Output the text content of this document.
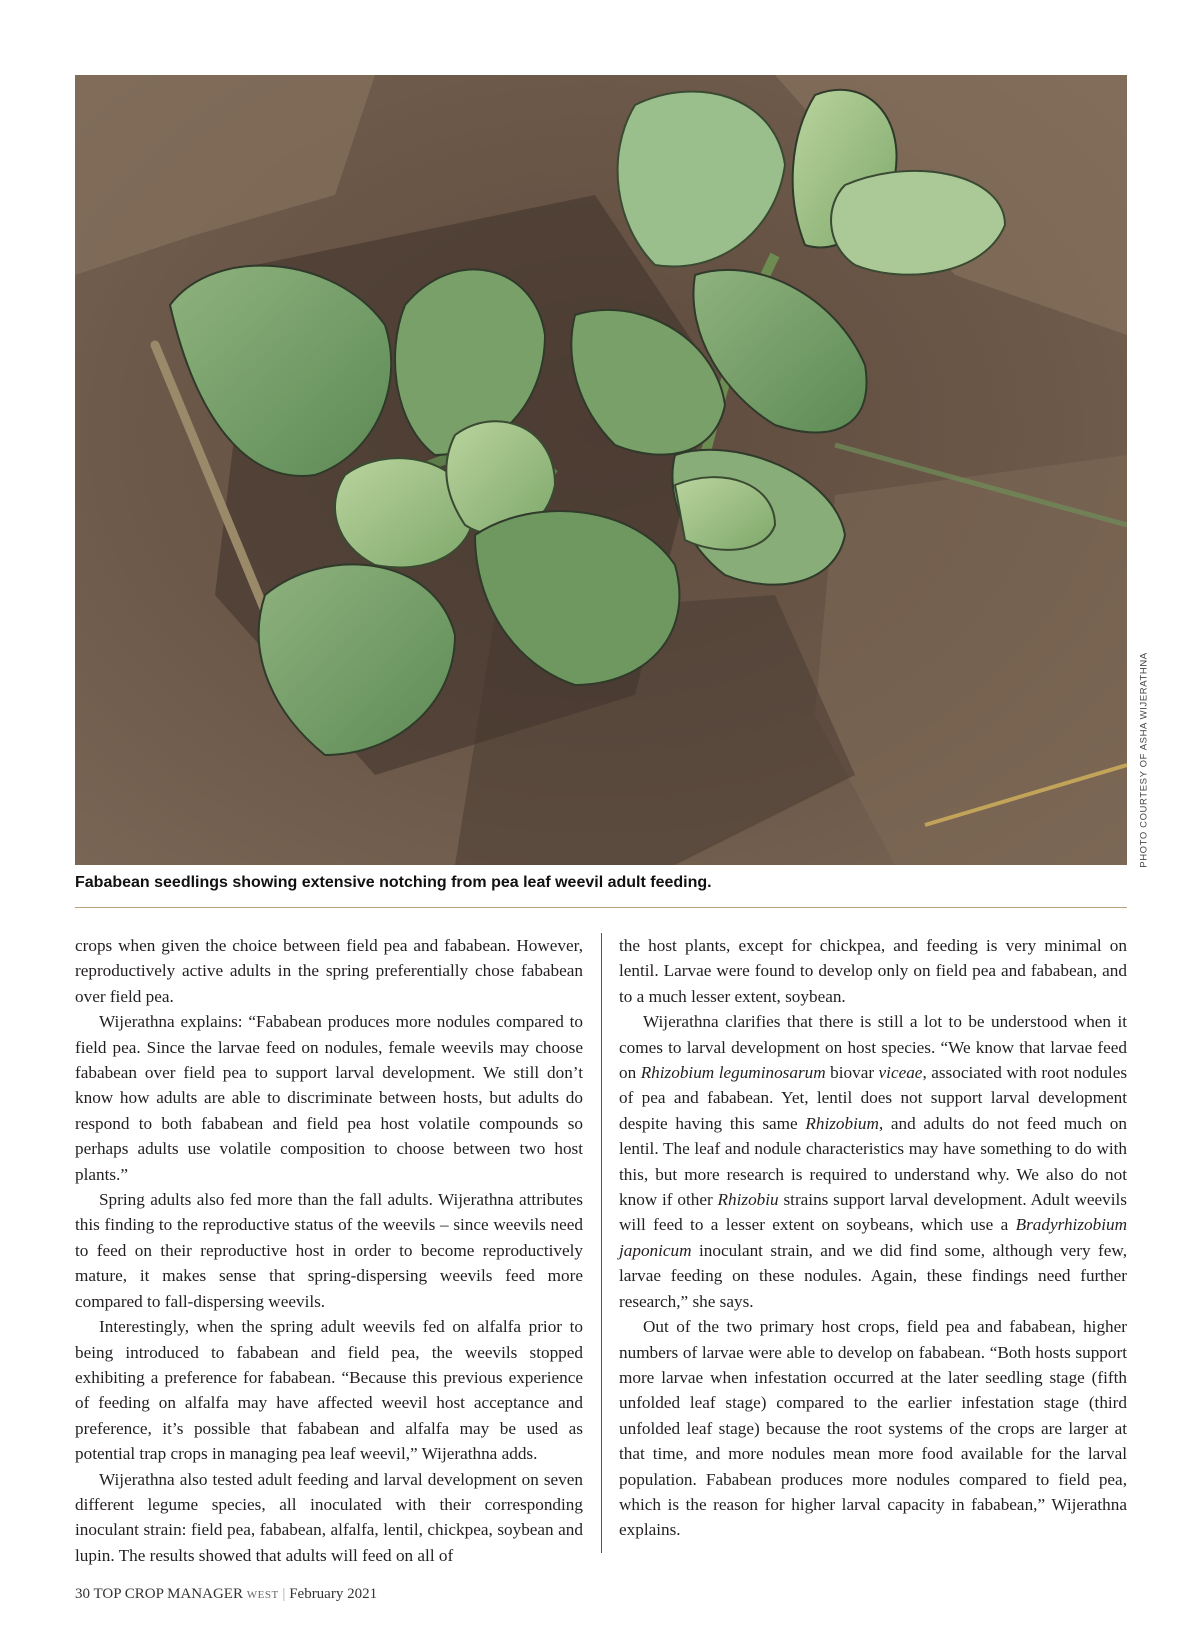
PHOTO COURTESY OF ASHA WIJERATHNA
Fababean seedlings showing extensive notching from pea leaf weevil adult feeding.

crops when given the choice between field pea and fababean. However, reproductively active adults in the spring preferentially chose fababean over field pea.

Wijerathna explains: “Fababean produces more nodules compared to field pea. Since the larvae feed on nodules, female weevils may choose fababean over field pea to support larval development. We still don’t know how adults are able to discriminate between hosts, but adults do respond to both fababean and field pea host volatile compounds so perhaps adults use volatile composition to choose between two host plants.”

Spring adults also fed more than the fall adults. Wijerathna attributes this finding to the reproductive status of the weevils – since weevils need to feed on their reproductive host in order to become reproductively mature, it makes sense that spring-dispersing weevils feed more compared to fall-dispersing weevils.

Interestingly, when the spring adult weevils fed on alfalfa prior to being introduced to fababean and field pea, the weevils stopped exhibiting a preference for fababean. “Because this previous experience of feeding on alfalfa may have affected weevil host acceptance and preference, it’s possible that fababean and alfalfa may be used as potential trap crops in managing pea leaf weevil,” Wijerathna adds.

Wijerathna also tested adult feeding and larval development on seven different legume species, all inoculated with their corresponding inoculant strain: field pea, fababean, alfalfa, lentil, chickpea, soybean and lupin. The results showed that adults will feed on all of

the host plants, except for chickpea, and feeding is very minimal on lentil. Larvae were found to develop only on field pea and fababean, and to a much lesser extent, soybean.

Wijerathna clarifies that there is still a lot to be understood when it comes to larval development on host species. “We know that larvae feed on Rhizobium leguminosarum biovar viceae, associated with root nodules of pea and fababean. Yet, lentil does not support larval development despite having this same Rhizobium, and adults do not feed much on lentil. The leaf and nodule characteristics may have something to do with this, but more research is required to understand why. We also do not know if other Rhizobiu strains support larval development. Adult weevils will feed to a lesser extent on soybeans, which use a Bradyrhizobium japonicum inoculant strain, and we did find some, although very few, larvae feeding on these nodules. Again, these findings need further research,” she says.

Out of the two primary host crops, field pea and fababean, higher numbers of larvae were able to develop on fababean. “Both hosts support more larvae when infestation occurred at the later seedling stage (fifth unfolded leaf stage) compared to the earlier infestation stage (third unfolded leaf stage) because the root systems of the crops are larger at that time, and more nodules mean more food available for the larval population. Fababean produces more nodules compared to field pea, which is the reason for higher larval capacity in fababean,” Wijerathna explains.

30 TOP CROP MANAGER WEST | February 2021
